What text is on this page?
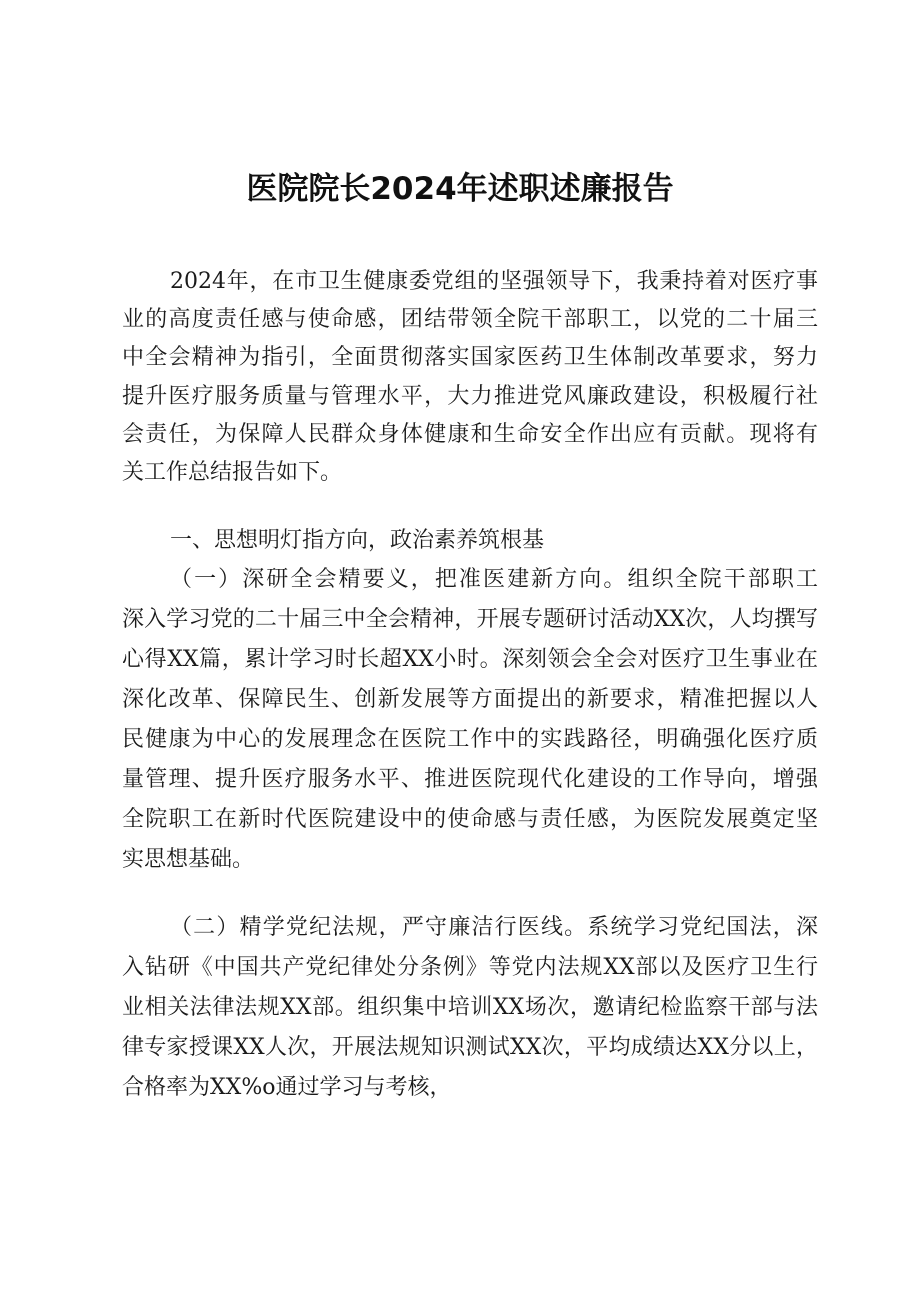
医院院长2024年述职述廉报告
2024年，在市卫生健康委党组的坚强领导下，我秉持着对医疗事
业的高度责任感与使命感，团结带领全院干部职工，以党的二十届三
中全会精神为指引，全面贯彻落实国家医药卫生体制改革要求，努力
提升医疗服务质量与管理水平，大力推进党风廉政建设，积极履行社
会责任，为保障人民群众身体健康和生命安全作出应有贡献。现将有
关工作总结报告如下。
一、思想明灯指方向，政治素养筑根基
（一）深研全会精要义，把准医建新方向。组织全院干部职工
深入学习党的二十届三中全会精神，开展专题研讨活动XX次，人均撰写
心得XX篇，累计学习时长超XX小时。深刻领会全会对医疗卫生事业在
深化改革、保障民生、创新发展等方面提出的新要求，精准把握以人
民健康为中心的发展理念在医院工作中的实践路径，明确强化医疗质
量管理、提升医疗服务水平、推进医院现代化建设的工作导向，增强
全院职工在新时代医院建设中的使命感与责任感，为医院发展奠定坚
实思想基础。
（二）精学党纪法规，严守廉洁行医线。系统学习党纪国法，深
入钻研《中国共产党纪律处分条例》等党内法规XX部以及医疗卫生行
业相关法律法规XX部。组织集中培训XX场次，邀请纪检监察干部与法
律专家授课XX人次，开展法规知识测试XX次，平均成绩达XX分以上，
合格率为XX%o通过学习与考核，
